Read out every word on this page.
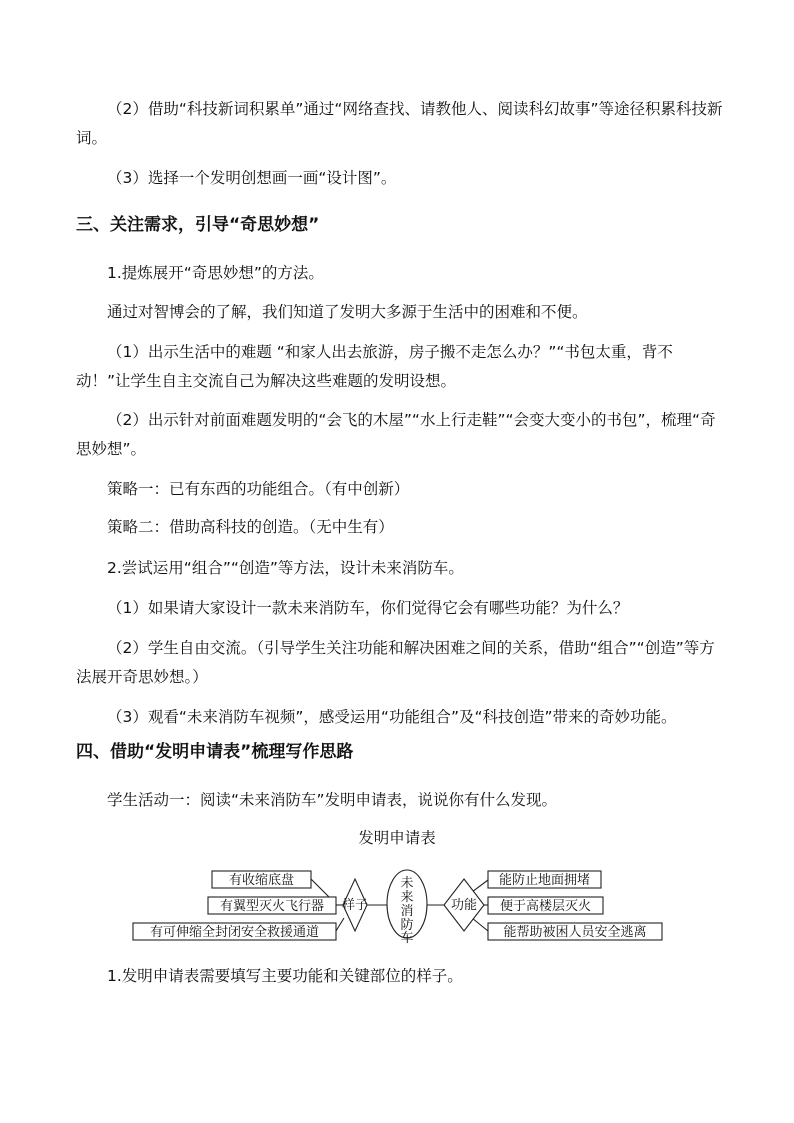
（2）借助“科技新词积累单”通过“网络查找、请教他人、阅读科幻故事”等途径积累科技新词。

（3）选择一个发明创想画一画“设计图”。

三、关注需求，引导“奇思妙想”

1.提炼展开“奇思妙想”的方法。

通过对智博会的了解，我们知道了发明大多源于生活中的困难和不便。

（1）出示生活中的难题 “和家人出去旅游，房子搬不走怎么办？”“书包太重，背不动！”让学生自主交流自己为解决这些难题的发明设想。

（2）出示针对前面难题发明的“会飞的木屋”“水上行走鞋”“会变大变小的书包”，梳理“奇思妙想”。

策略一：已有东西的功能组合。（有中创新）

策略二：借助高科技的创造。（无中生有）

2.尝试运用“组合”“创造”等方法，设计未来消防车。

（1）如果请大家设计一款未来消防车，你们觉得它会有哪些功能？为什么？

（2）学生自由交流。（引导学生关注功能和解决困难之间的关系，借助“组合”“创造”等方法展开奇思妙想。）

（3）观看“未来消防车视频”，感受运用“功能组合”及“科技创造”带来的奇妙功能。

四、借助“发明申请表”梳理写作思路

学生活动一：阅读“未来消防车”发明申请表，说说你有什么发现。

发明申请表

有收缩底盘
有翼型灭火飞行器
有可伸缩全封闭安全救援通道
样子
未
来
消
防
车
功能
能防止地面拥堵
便于高楼层灭火
能帮助被困人员安全逃离

1.发明申请表需要填写主要功能和关键部位的样子。
